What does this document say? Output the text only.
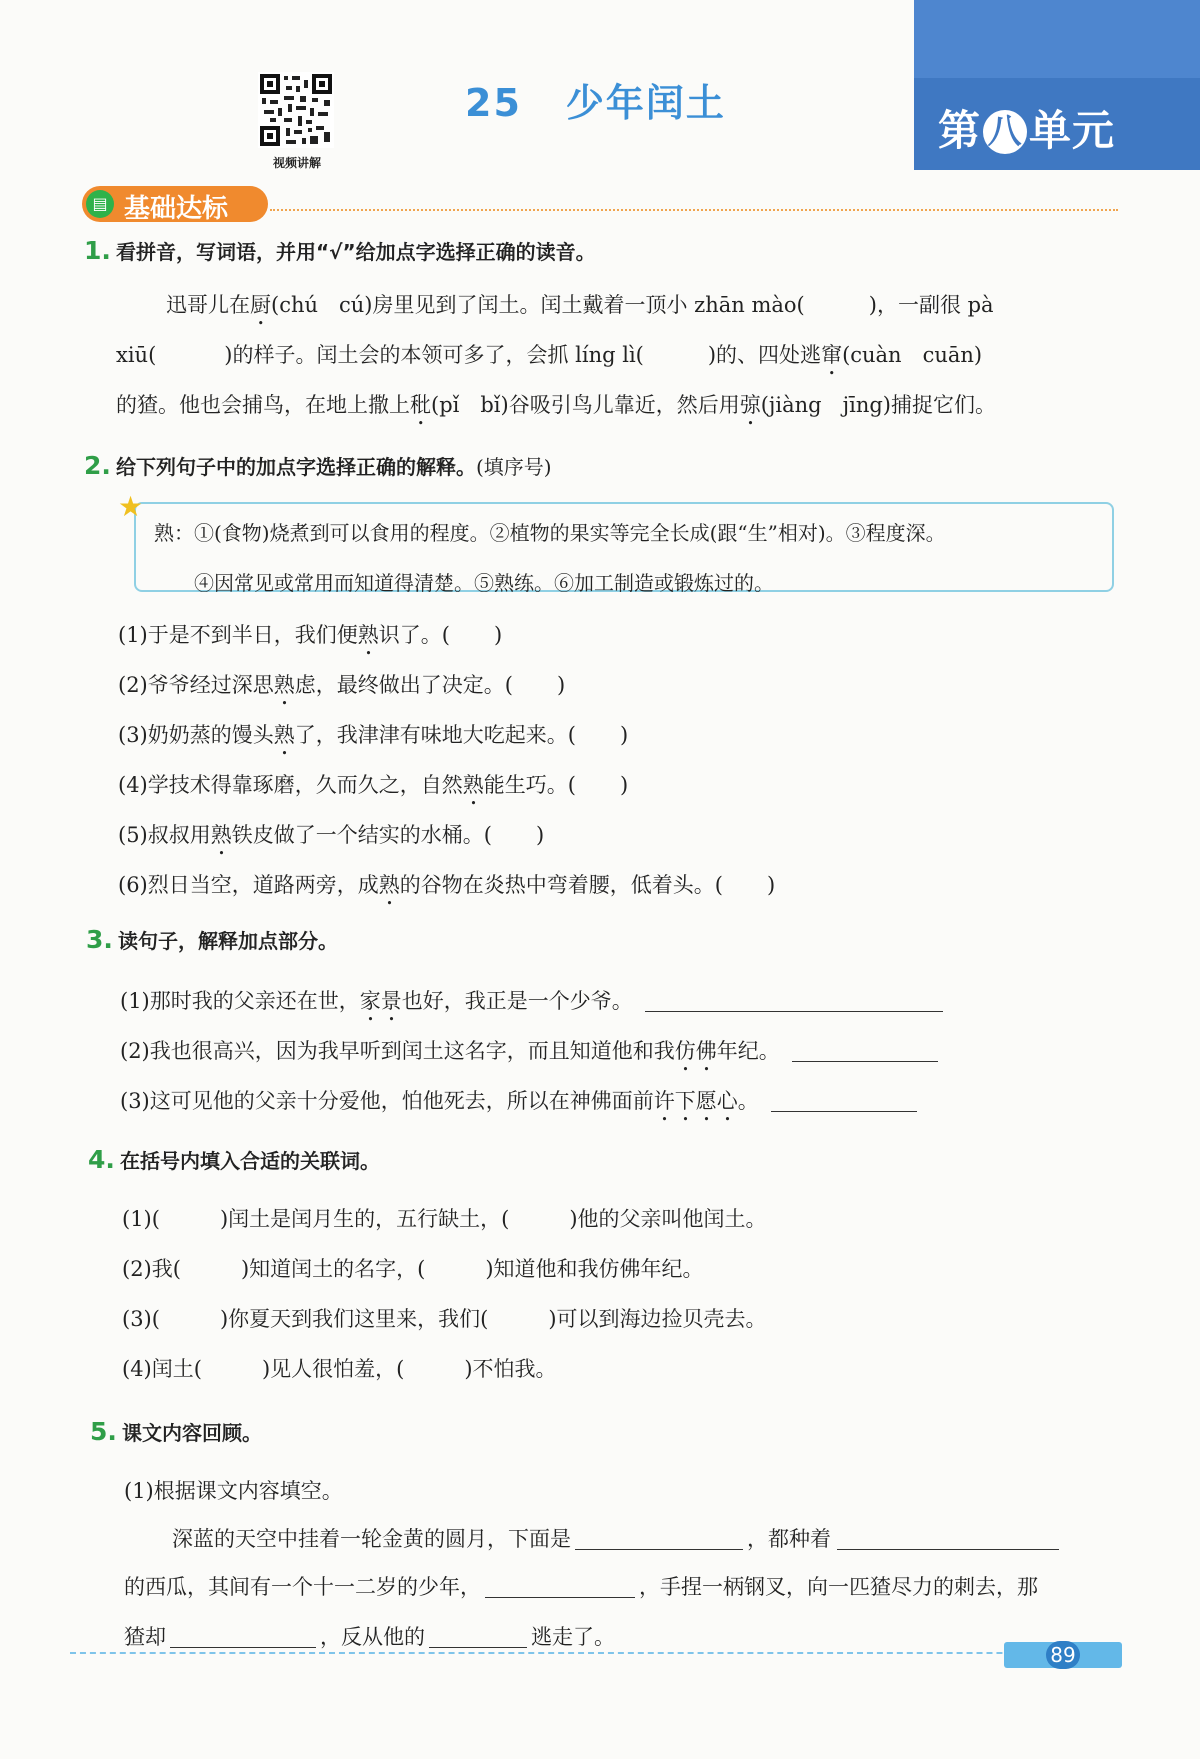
视频讲解
25 少年闰土
第 八 单元
▤ 基础达标
1. 看拼音，写词语，并用“√”给加点字选择正确的读音。
迅哥儿在厨(chú　cú)房里见到了闰土。闰土戴着一顶小 zhān mào(	)，一副很 pà
xiū(	)的样子。闰土会的本领可多了，会抓 líng lì(	)的、四处逃窜(cuàn　cuān)
的猹。他也会捕鸟，在地上撒上秕(pǐ　bǐ)谷吸引鸟儿靠近，然后用弶(jiàng　jīng)捕捉它们。
2. 给下列句子中的加点字选择正确的解释。(填序号)
★
熟：①(食物)烧煮到可以食用的程度。②植物的果实等完全长成(跟“生”相对)。③程度深。
④因常见或常用而知道得清楚。⑤熟练。⑥加工制造或锻炼过的。
(1)于是不到半日，我们便熟识了。( )
(2)爷爷经过深思熟虑，最终做出了决定。( )
(3)奶奶蒸的馒头熟了，我津津有味地大吃起来。( )
(4)学技术得靠琢磨，久而久之，自然熟能生巧。( )
(5)叔叔用熟铁皮做了一个结实的水桶。( )
(6)烈日当空，道路两旁，成熟的谷物在炎热中弯着腰，低着头。( )
3. 读句子，解释加点部分。
(1)那时我的父亲还在世，家景也好，我正是一个少爷。
(2)我也很高兴，因为我早听到闰土这名字，而且知道他和我仿佛年纪。
(3)这可见他的父亲十分爱他，怕他死去，所以在神佛面前许下愿心。
4. 在括号内填入合适的关联词。
(1)(	)闰土是闰月生的，五行缺土，(	)他的父亲叫他闰土。
(2)我(	)知道闰土的名字，(	)知道他和我仿佛年纪。
(3)(	)你夏天到我们这里来，我们(	)可以到海边捡贝壳去。
(4)闰土(	)见人很怕羞，(	)不怕我。
5. 课文内容回顾。
(1)根据课文内容填空。
深蓝的天空中挂着一轮金黄的圆月，下面是	，都种着
的西瓜，其间有一个十一二岁的少年，	，手捏一柄钢叉，向一匹猹尽力的刺去，那
猹却	，反从他的	逃走了。
89
